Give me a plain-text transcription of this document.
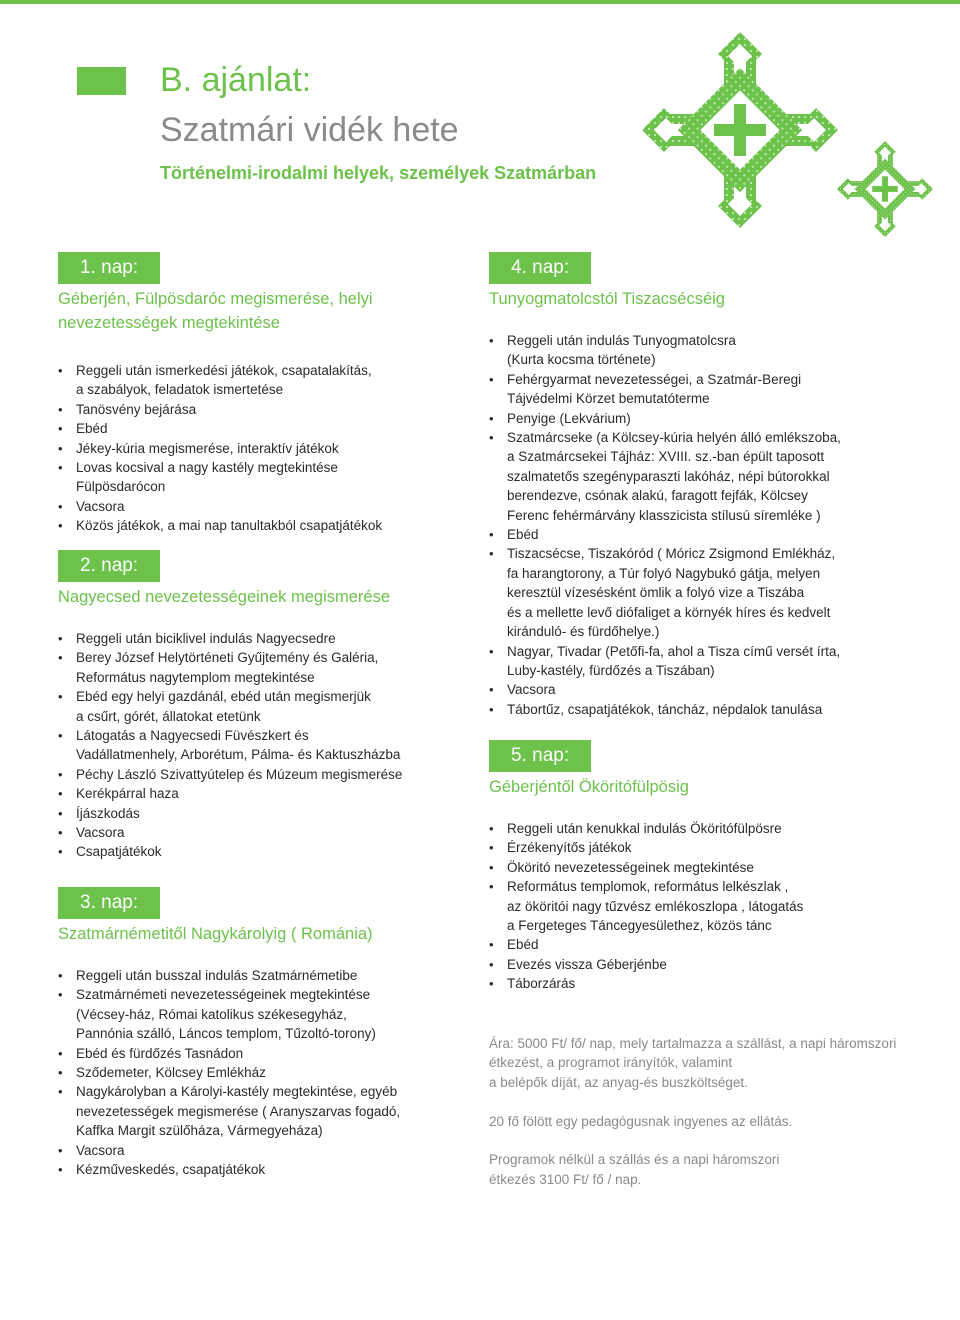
B. ajánlat:
Szatmári vidék hete
Történelmi-irodalmi helyek, személyek Szatmárban
1. nap:
Géberjén, Fülpösdaróc megismerése, helyi
nevezetességek megtekintése
• Reggeli után ismerkedési játékok, csapatalakítás,
a szabályok, feladatok ismertetése
• Tanösvény bejárása
• Ebéd
• Jékey-kúria megismerése, interaktív játékok
• Lovas kocsival a nagy kastély megtekintése
Fülpösdarócon
• Vacsora
• Közös játékok, a mai nap tanultakból csapatjátékok
2. nap:
Nagyecsed nevezetességeinek megismerése
• Reggeli után biciklivel indulás Nagyecsedre
• Berey József Helytörténeti Gyűjtemény és Galéria,
Református nagytemplom megtekintése
• Ebéd egy helyi gazdánál, ebéd után megismerjük
a csűrt, górét, állatokat etetünk
• Látogatás a Nagyecsedi Füvészkert és
Vadállatmenhely, Arborétum, Pálma- és Kaktuszházba
• Péchy László Szivattyútelep és Múzeum megismerése
• Kerékpárral haza
• Íjászkodás
• Vacsora
• Csapatjátékok
3. nap:
Szatmárnémetitől Nagykárolyig ( Románia)
• Reggeli után busszal indulás Szatmárnémetibe
• Szatmárnémeti nevezetességeinek megtekintése
(Vécsey-ház, Római katolikus székesegyház,
Pannónia szálló, Láncos templom, Tűzoltó-torony)
• Ebéd és fürdőzés Tasnádon
• Sződemeter, Kölcsey Emlékház
• Nagykárolyban a Károlyi-kastély megtekintése, egyéb
nevezetességek megismerése ( Aranyszarvas fogadó,
Kaffka Margit szülőháza, Vármegyeháza)
• Vacsora
• Kézműveskedés, csapatjátékok
4. nap:
Tunyogmatolcstól Tiszacsécséig
• Reggeli után indulás Tunyogmatolcsra
(Kurta kocsma története)
• Fehérgyarmat nevezetességei, a Szatmár-Beregi
Tájvédelmi Körzet bemutatóterme
• Penyige (Lekvárium)
• Szatmárcseke (a Kölcsey-kúria helyén álló emlékszoba,
a Szatmárcsekei Tájház: XVIII. sz.-ban épült taposott
szalmatetős szegényparaszti lakóház, népi bútorokkal
berendezve, csónak alakú, faragott fejfák, Kölcsey
Ferenc fehérmárvány klasszicista stílusú síremléke )
• Ebéd
• Tiszacsécse, Tiszakóród ( Móricz Zsigmond Emlékház,
fa harangtorony, a Túr folyó Nagybukó gátja, melyen
keresztül vízesésként ömlik a folyó vize a Tiszába
és a mellette levő diófaliget a környék híres és kedvelt
kiránduló- és fürdőhelye.)
• Nagyar, Tivadar (Petőfi-fa, ahol a Tisza című versét írta,
Luby-kastély, fürdőzés a Tiszában)
• Vacsora
• Tábortűz, csapatjátékok, táncház, népdalok tanulása
5. nap:
Géberjéntől Ököritófülpösig
• Reggeli után kenukkal indulás Ököritófülpösre
• Érzékenyítős játékok
• Ököritó nevezetességeinek megtekintése
• Református templomok, református lelkészlak ,
az ököritói nagy tűzvész emlékoszlopa , látogatás
a Fergeteges Táncegyesülethez, közös tánc
• Ebéd
• Evezés vissza Géberjénbe
• Táborzárás

Ára: 5000 Ft/ fő/ nap, mely tartalmazza a szállást, a napi háromszori

étkezést, a programot irányítók, valamint

a belépők díját, az anyag-és buszköltséget.

20 fő fölött egy pedagógusnak ingyenes az ellátás.

Programok nélkül a szállás és a napi háromszori

étkezés 3100 Ft/ fő / nap.
